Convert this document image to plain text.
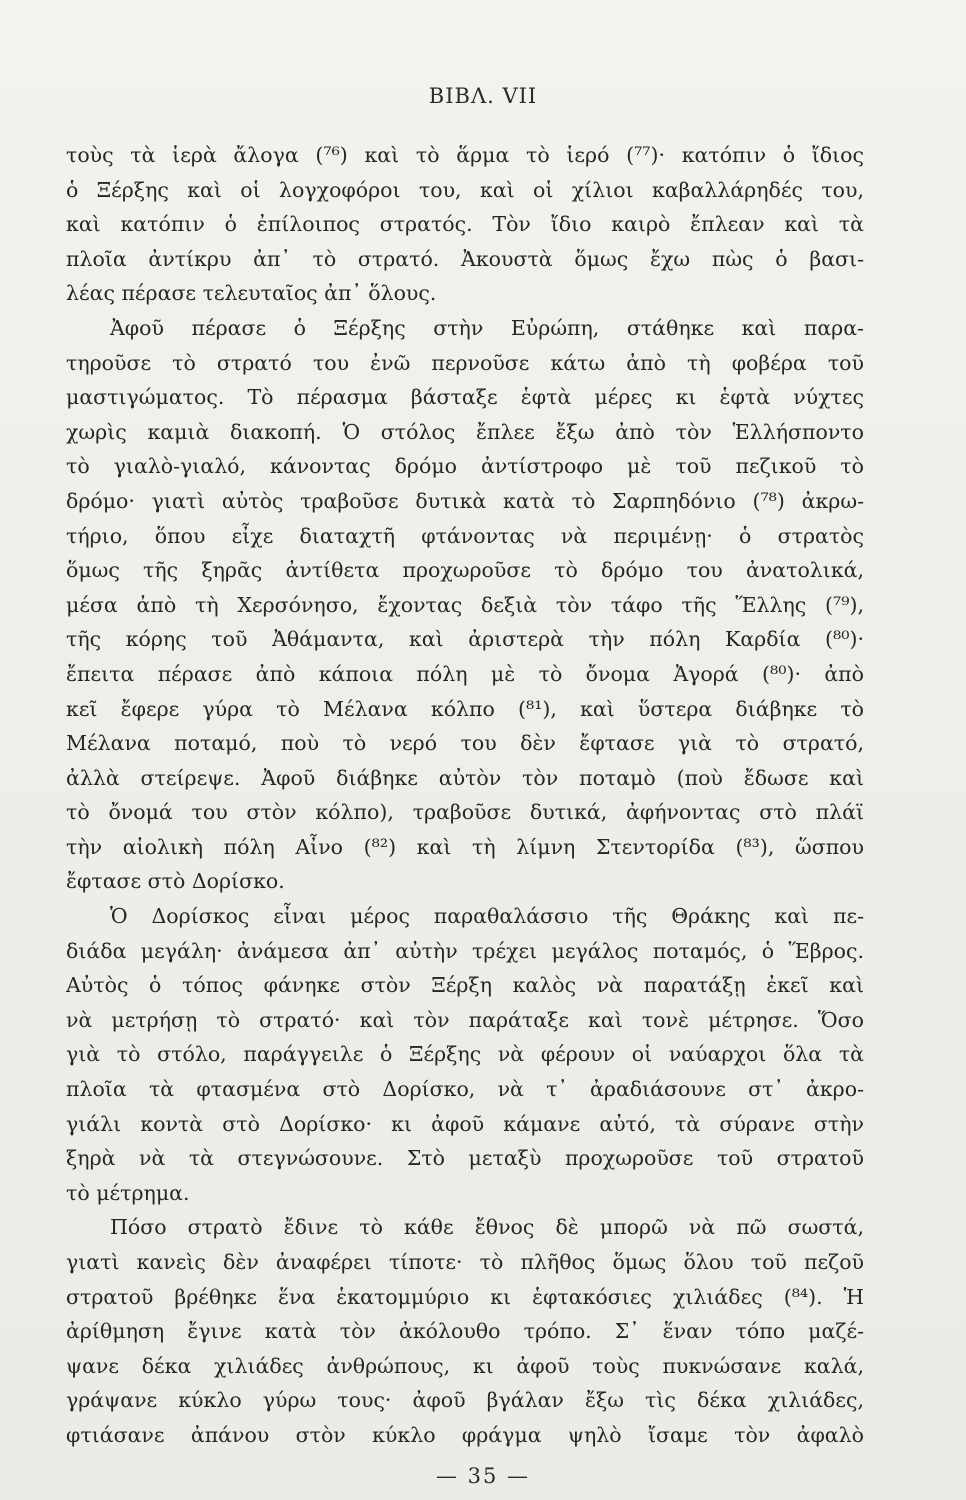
ΒΙΒΛ. VII
τοὺς τὰ ἱερὰ ἄλογα (⁷⁶) καὶ τὸ ἅρμα τὸ ἱερό (⁷⁷)· κατόπιν ὁ ἴδιος
ὁ Ξέρξης καὶ οἱ λογχοφόροι του, καὶ οἱ χίλιοι καβαλλάρηδές του,
καὶ κατόπιν ὁ ἐπίλοιπος στρατός. Τὸν ἴδιο καιρὸ ἔπλεαν καὶ τὰ
πλοῖα ἀντίκρυ ἀπ᾽ τὸ στρατό. Ἀκουστὰ ὅμως ἔχω πὼς ὁ βασι-
λέας πέρασε τελευταῖος ἀπ᾽ ὅλους.
Ἀφοῦ πέρασε ὁ Ξέρξης στὴν Εὐρώπη, στάθηκε καὶ παρα-
τηροῦσε τὸ στρατό του ἐνῶ περνοῦσε κάτω ἀπὸ τὴ φοβέρα τοῦ
μαστιγώματος. Τὸ πέρασμα βάσταξε ἑφτὰ μέρες κι ἑφτὰ νύχτες
χωρὶς καμιὰ διακοπή. Ὁ στόλος ἔπλεε ἔξω ἀπὸ τὸν Ἑλλήσποντο
τὸ γιαλὸ-γιαλό, κάνοντας δρόμο ἀντίστροφο μὲ τοῦ πεζικοῦ τὸ
δρόμο· γιατὶ αὐτὸς τραβοῦσε δυτικὰ κατὰ τὸ Σαρπηδόνιο (⁷⁸) ἀκρω-
τήριο, ὅπου εἶχε διαταχτῆ φτάνοντας νὰ περιμένῃ· ὁ στρατὸς
ὅμως τῆς ξηρᾶς ἀντίθετα προχωροῦσε τὸ δρόμο του ἀνατολικά,
μέσα ἀπὸ τὴ Χερσόνησο, ἔχοντας δεξιὰ τὸν τάφο τῆς Ἕλλης (⁷⁹),
τῆς κόρης τοῦ Ἀθάμαντα, καὶ ἀριστερὰ τὴν πόλη Καρδία (⁸⁰)·
ἔπειτα πέρασε ἀπὸ κάποια πόλη μὲ τὸ ὄνομα Ἀγορά (⁸⁰)· ἀπὸ
κεῖ ἔφερε γύρα τὸ Μέλανα κόλπο (⁸¹), καὶ ὕστερα διάβηκε τὸ
Μέλανα ποταμό, ποὺ τὸ νερό του δὲν ἔφτασε γιὰ τὸ στρατό,
ἀλλὰ στείρεψε. Ἀφοῦ διάβηκε αὐτὸν τὸν ποταμὸ (ποὺ ἔδωσε καὶ
τὸ ὄνομά του στὸν κόλπο), τραβοῦσε δυτικά, ἀφήνοντας στὸ πλάϊ
τὴν αἰολικὴ πόλη Αἶνο (⁸²) καὶ τὴ λίμνη Στεντορίδα (⁸³), ὥσπου
ἔφτασε στὸ Δορίσκο.
Ὁ Δορίσκος εἶναι μέρος παραθαλάσσιο τῆς Θράκης καὶ πε-
διάδα μεγάλη· ἀνάμεσα ἀπ᾽ αὐτὴν τρέχει μεγάλος ποταμός, ὁ Ἕβρος.
Αὐτὸς ὁ τόπος φάνηκε στὸν Ξέρξη καλὸς νὰ παρατάξῃ ἐκεῖ καὶ
νὰ μετρήσῃ τὸ στρατό· καὶ τὸν παράταξε καὶ τονὲ μέτρησε. Ὅσο
γιὰ τὸ στόλο, παράγγειλε ὁ Ξέρξης νὰ φέρουν οἱ ναύαρχοι ὅλα τὰ
πλοῖα τὰ φτασμένα στὸ Δορίσκο, νὰ τ᾽ ἀραδιάσουνε στ᾽ ἀκρο-
γιάλι κοντὰ στὸ Δορίσκο· κι ἀφοῦ κάμανε αὐτό, τὰ σύρανε στὴν
ξηρὰ νὰ τὰ στεγνώσουνε. Στὸ μεταξὺ προχωροῦσε τοῦ στρατοῦ
τὸ μέτρημα.
Πόσο στρατὸ ἔδινε τὸ κάθε ἔθνος δὲ μπορῶ νὰ πῶ σωστά,
γιατὶ κανεὶς δὲν ἀναφέρει τίποτε· τὸ πλῆθος ὅμως ὅλου τοῦ πεζοῦ
στρατοῦ βρέθηκε ἕνα ἑκατομμύριο κι ἑφτακόσιες χιλιάδες (⁸⁴). Ἡ
ἀρίθμηση ἔγινε κατὰ τὸν ἀκόλουθο τρόπο. Σ᾽ ἕναν τόπο μαζέ-
ψανε δέκα χιλιάδες ἀνθρώπους, κι ἀφοῦ τοὺς πυκνώσανε καλά,
γράψανε κύκλο γύρω τους· ἀφοῦ βγάλαν ἔξω τὶς δέκα χιλιάδες,
φτιάσανε ἀπάνου στὸν κύκλο φράγμα ψηλὸ ἴσαμε τὸν ἀφαλὸ
— 35 —
